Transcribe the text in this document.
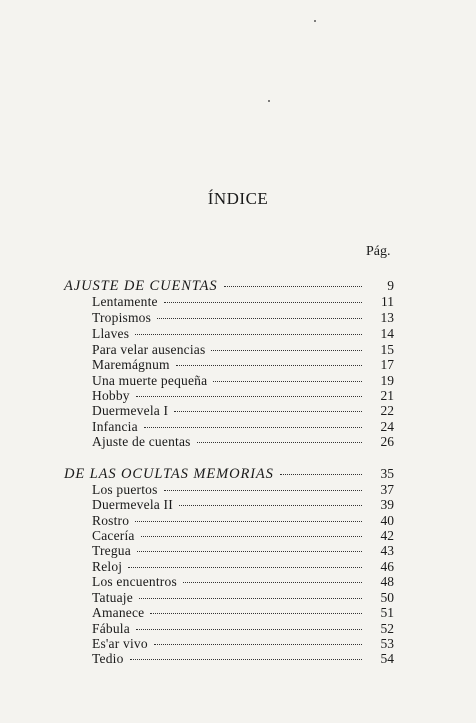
ÍNDICE
Pág.
AJUSTE DE CUENTAS	9
Lentamente	11
Tropismos	13
Llaves	14
Para velar ausencias	15
Maremágnum	17
Una muerte pequeña	19
Hobby	21
Duermevela I	22
Infancia	24
Ajuste de cuentas	26
DE LAS OCULTAS MEMORIAS	35
Los puertos	37
Duermevela II	39
Rostro	40
Cacería	42
Tregua	43
Reloj	46
Los encuentros	48
Tatuaje	50
Amanece	51
Fábula	52
Es'ar vivo	53
Tedio	54
